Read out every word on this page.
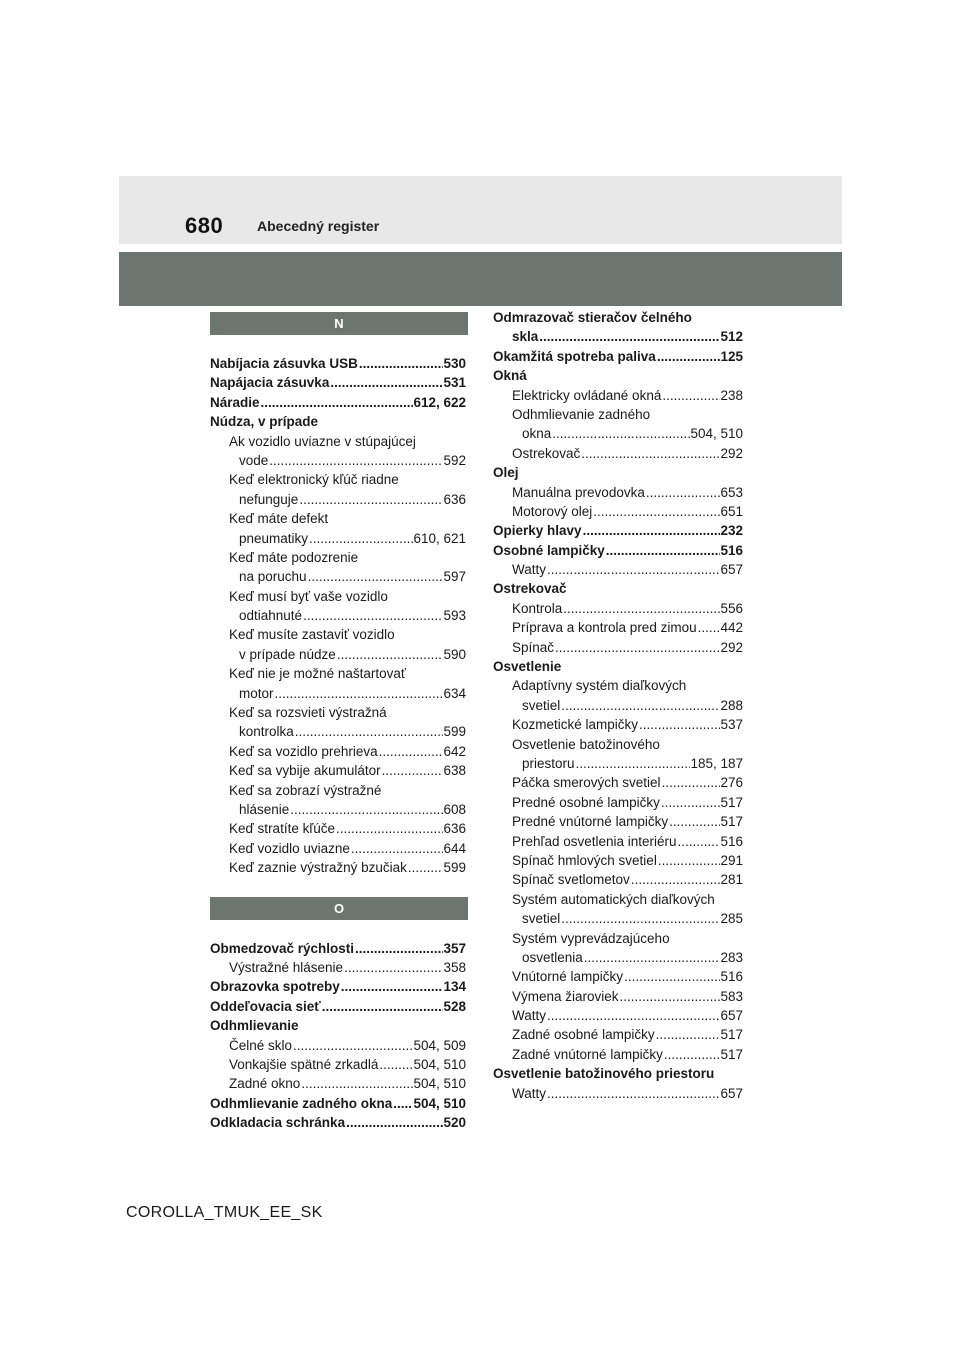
680 Abecedný register
N
Nabíjacia zásuvka USB .....	530
Napájacia zásuvka .....	531
Náradie .....	612, 622
Núdza, v prípade
Ak vozidlo uviazne v stúpajúcej
vode .....	592
Keď elektronický kľúč riadne
nefunguje .....	636
Keď máte defekt
pneumatiky .....	610, 621
Keď máte podozrenie
na poruchu .....	597
Keď musí byť vaše vozidlo
odtiahnuté .....	593
Keď musíte zastaviť vozidlo
v prípade núdze .....	590
Keď nie je možné naštartovať
motor .....	634
Keď sa rozsvieti výstražná
kontrolka .....	599
Keď sa vozidlo prehrieva .....	642
Keď sa vybije akumulátor .....	638
Keď sa zobrazí výstražné
hlásenie .....	608
Keď stratíte kľúče .....	636
Keď vozidlo uviazne .....	644
Keď zaznie výstražný bzučiak .....	599
O
Obmedzovač rýchlosti .....	357
Výstražné hlásenie .....	358
Obrazovka spotreby .....	134
Oddeľovacia sieť .....	528
Odhmlievanie
Čelné sklo .....	504, 509
Vonkajšie spätné zrkadlá .....	504, 510
Zadné okno .....	504, 510
Odhmlievanie zadného okna ..... 504, 510
Odkladacia schránka .....	520
Odmrazovač stieračov čelného
skla .....	512
Okamžitá spotreba paliva .....	125
Okná
Elektricky ovládané okná .....	238
Odhmlievanie zadného
okna .....	504, 510
Ostrekovač .....	292
Olej
Manuálna prevodovka .....	653
Motorový olej .....	651
Opierky hlavy .....	232
Osobné lampičky .....	516
Watty .....	657
Ostrekovač
Kontrola .....	556
Príprava a kontrola pred zimou ..... 442
Spínač .....	292
Osvetlenie
Adaptívny systém diaľkových
svetiel .....	288
Kozmetické lampičky .....	537
Osvetlenie batožinového
priestoru .....	185, 187
Páčka smerových svetiel .....	276
Predné osobné lampičky .....	517
Predné vnútorné lampičky .....	517
Prehľad osvetlenia interiéru .....	516
Spínač hmlových svetiel .....	291
Spínač svetlometov .....	281
Systém automatických diaľkových
svetiel .....	285
Systém vyprevádzajúceho
osvetlenia .....	283
Vnútorné lampičky .....	516
Výmena žiaroviek .....	583
Watty .....	657
Zadné osobné lampičky .....	517
Zadné vnútorné lampičky .....	517
Osvetlenie batožinového priestoru
Watty .....	657
COROLLA_TMUK_EE_SK
